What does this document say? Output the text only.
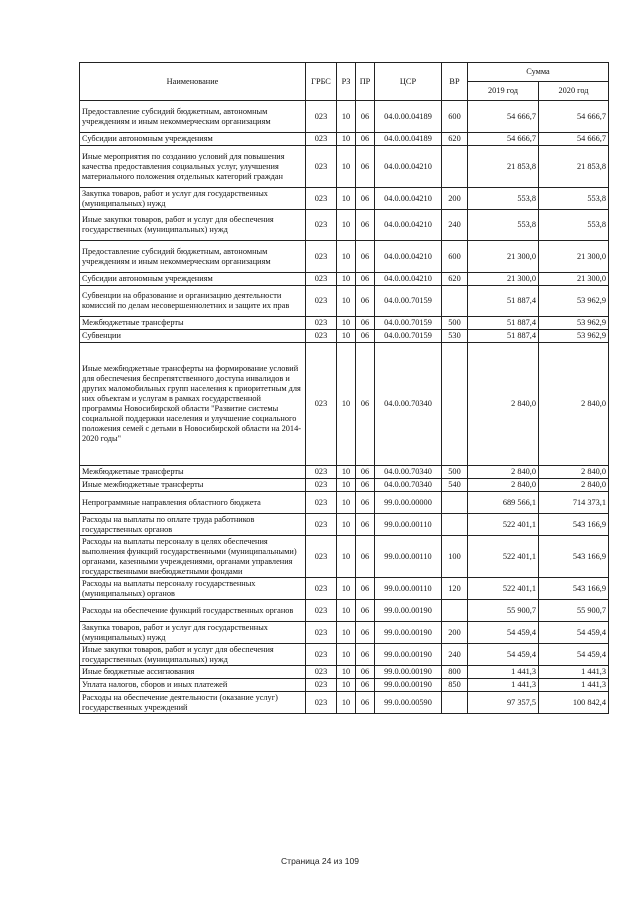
Наименование	ГРБС	РЗ	ПР	ЦСР	ВР	Сумма	
						2019 год	2020 год
Предоставление субсидий бюджетным, автономным учреждениям и иным некоммерческим организациям	023	10	06	04.0.00.04189	600	54 666,7	54 666,7
Субсидии автономным учреждениям	023	10	06	04.0.00.04189	620	54 666,7	54 666,7
Иные мероприятия по созданию условий для повышения качества предоставления социальных услуг, улучшения материального положения отдельных категорий граждан	023	10	06	04.0.00.04210		21 853,8	21 853,8
Закупка товаров, работ и услуг для государственных (муниципальных) нужд	023	10	06	04.0.00.04210	200	553,8	553,8
Иные закупки товаров, работ и услуг для обеспечения государственных (муниципальных) нужд	023	10	06	04.0.00.04210	240	553,8	553,8
Предоставление субсидий бюджетным, автономным учреждениям и иным некоммерческим организациям	023	10	06	04.0.00.04210	600	21 300,0	21 300,0
Субсидии автономным учреждениям	023	10	06	04.0.00.04210	620	21 300,0	21 300,0
Субвенции на образование и организацию деятельности комиссий по делам несовершеннолетних и защите их прав	023	10	06	04.0.00.70159		51 887,4	53 962,9
Межбюджетные трансферты	023	10	06	04.0.00.70159	500	51 887,4	53 962,9
Субвенции	023	10	06	04.0.00.70159	530	51 887,4	53 962,9
Иные межбюджетные трансферты на формирование условий для обеспечения беспрепятственного доступа инвалидов и других маломобильных групп населения к приоритетным для них объектам и услугам в рамках государственной программы Новосибирской области "Развитие системы социальной поддержки населения и улучшение социального положения семей с детьми в Новосибирской области на 2014-2020 годы"	023	10	06	04.0.00.70340		2 840,0	2 840,0
Межбюджетные трансферты	023	10	06	04.0.00.70340	500	2 840,0	2 840,0
Иные межбюджетные трансферты	023	10	06	04.0.00.70340	540	2 840,0	2 840,0
Непрограммные направления областного бюджета	023	10	06	99.0.00.00000		689 566,1	714 373,1
Расходы на выплаты по оплате труда работников государственных органов	023	10	06	99.0.00.00110		522 401,1	543 166,9
Расходы на выплаты персоналу в целях обеспечения выполнения функций государственными (муниципальными) органами, казенными учреждениями, органами управления государственными внебюджетными фондами	023	10	06	99.0.00.00110	100	522 401,1	543 166,9
Расходы на выплаты персоналу государственных (муниципальных) органов	023	10	06	99.0.00.00110	120	522 401,1	543 166,9
Расходы на обеспечение функций государственных органов	023	10	06	99.0.00.00190		55 900,7	55 900,7
Закупка товаров, работ и услуг для государственных (муниципальных) нужд	023	10	06	99.0.00.00190	200	54 459,4	54 459,4
Иные закупки товаров, работ и услуг для обеспечения государственных (муниципальных) нужд	023	10	06	99.0.00.00190	240	54 459,4	54 459,4
Иные бюджетные ассигнования	023	10	06	99.0.00.00190	800	1 441,3	1 441,3
Уплата налогов, сборов и иных платежей	023	10	06	99.0.00.00190	850	1 441,3	1 441,3
Расходы на обеспечение деятельности (оказание услуг) государственных учреждений	023	10	06	99.0.00.00590		97 357,5	100 842,4
Страница 24 из 109
